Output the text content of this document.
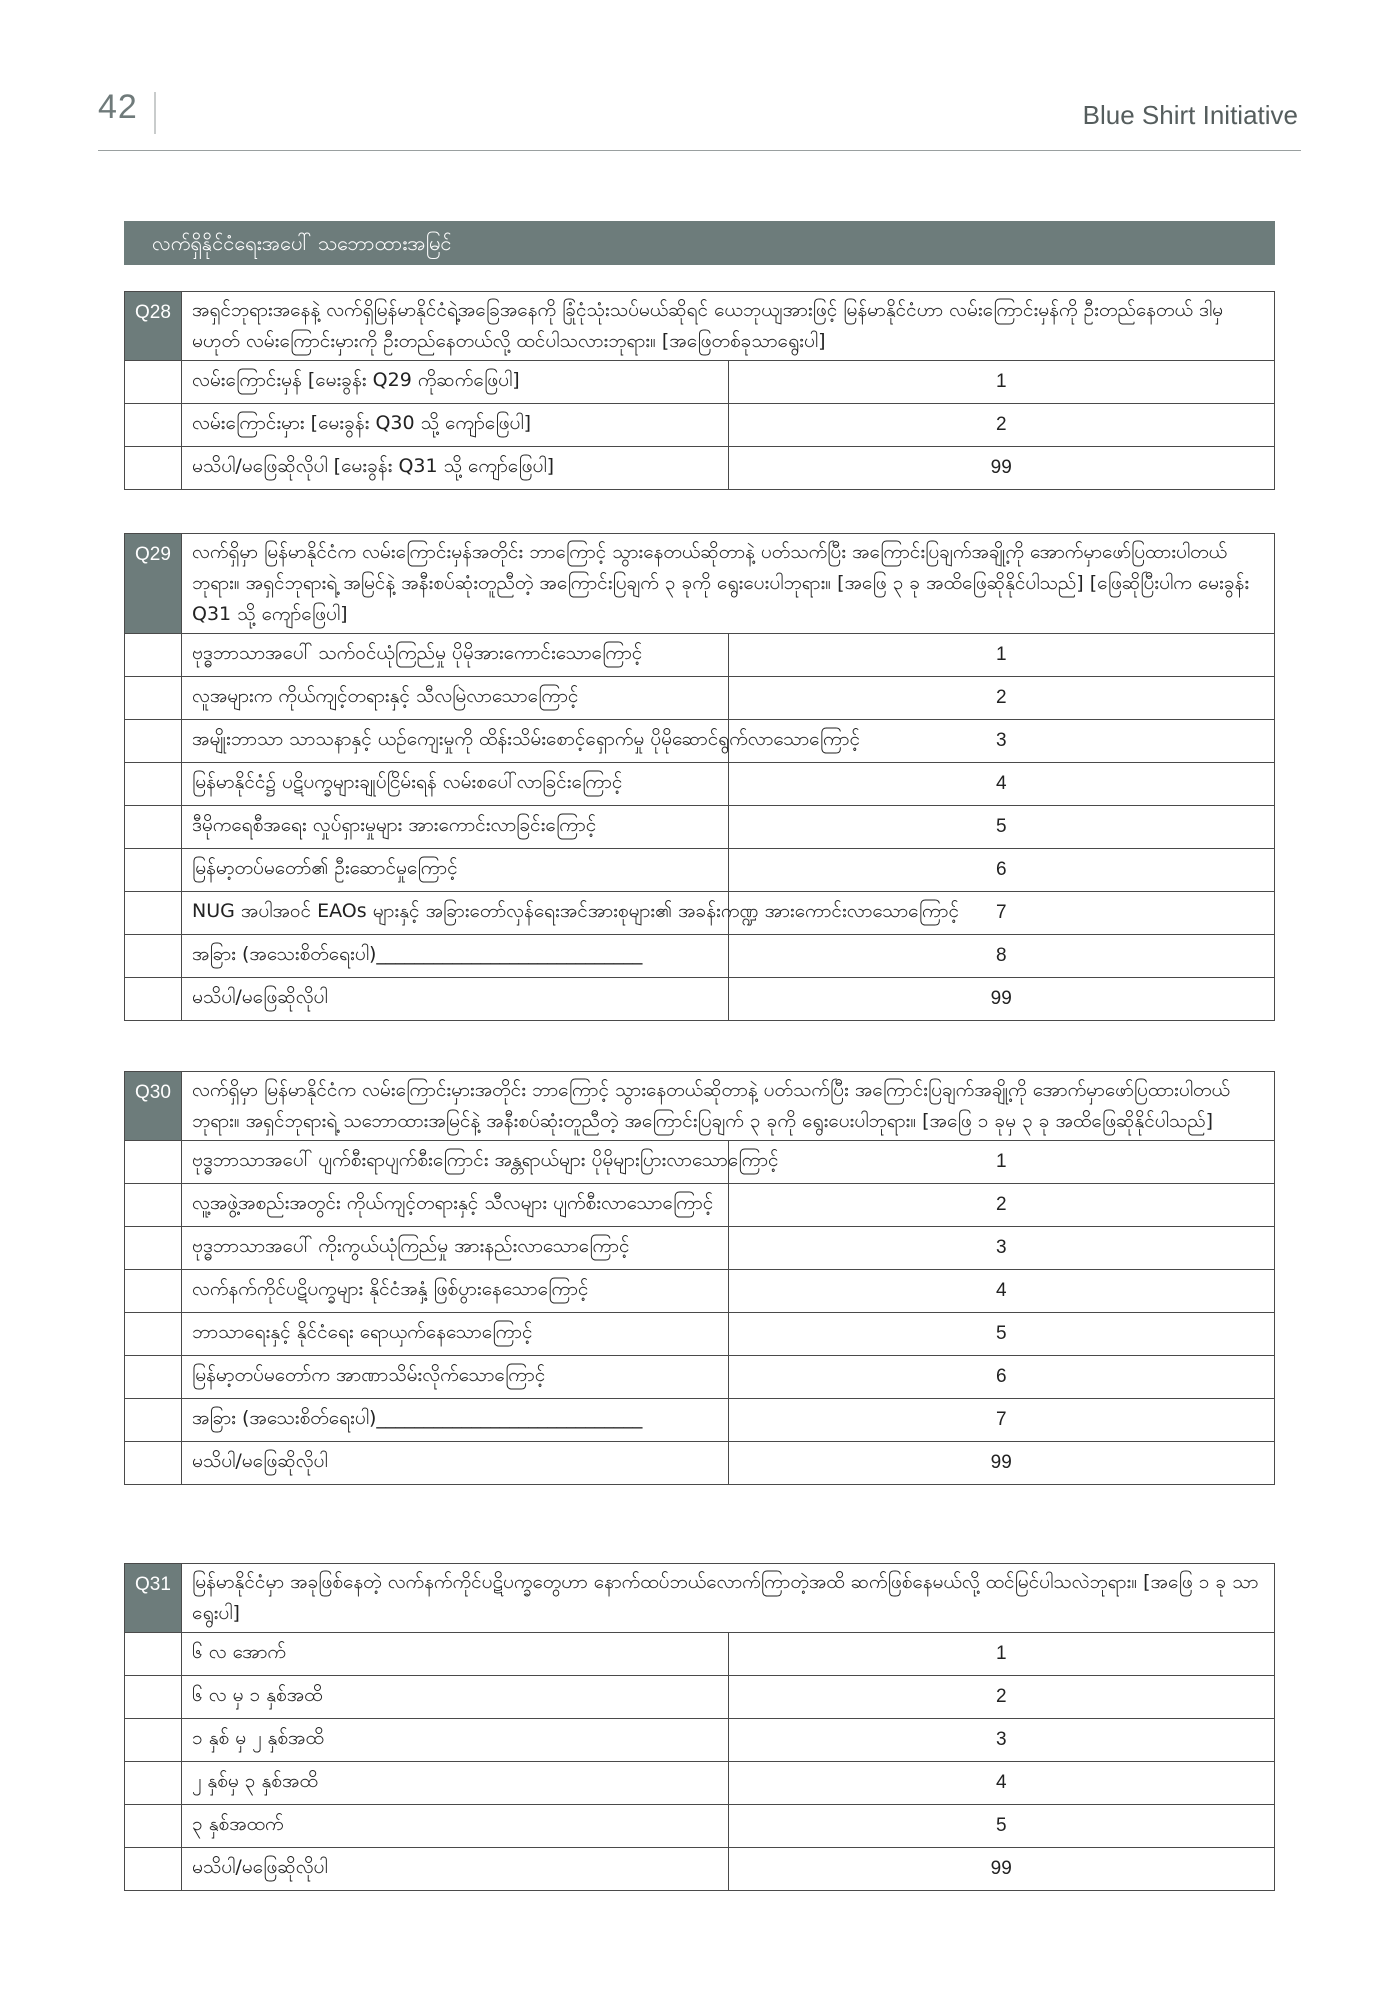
42	Blue Shirt Initiative
လက်ရှိနိုင်ငံရေးအပေါ် သဘောထားအမြင်
Q28	အရှင်ဘုရားအနေနဲ့ လက်ရှိမြန်မာနိုင်ငံရဲ့အခြေအနေကို ခြုံငုံသုံးသပ်မယ်ဆိုရင် ယေဘုယျအားဖြင့် မြန်မာနိုင်ငံဟာ လမ်းကြောင်းမှန်ကို ဦးတည်နေတယ် ဒါမှမဟုတ် လမ်းကြောင်းမှားကို ဦးတည်နေတယ်လို့ ထင်ပါသလားဘုရား။ [အဖြေတစ်ခုသာရွေးပါ]	
	လမ်းကြောင်းမှန် [မေးခွန်း Q29 ကိုဆက်ဖြေပါ]	1
	လမ်းကြောင်းမှား [မေးခွန်း Q30 သို့ ကျော်ဖြေပါ]	2
	မသိပါ/မဖြေဆိုလိုပါ [မေးခွန်း Q31 သို့ ကျော်ဖြေပါ]	99
Q29	လက်ရှိမှာ မြန်မာနိုင်ငံက လမ်းကြောင်းမှန်အတိုင်း ဘာကြောင့် သွားနေတယ်ဆိုတာနဲ့ ပတ်သက်ပြီး အကြောင်းပြချက်အချို့ကို အောက်မှာဖော်ပြထားပါတယ်ဘုရား။ အရှင်ဘုရားရဲ့ အမြင်နဲ့ အနီးစပ်ဆုံးတူညီတဲ့ အကြောင်းပြချက် ၃ ခုကို ရွေးပေးပါဘုရား။ [အဖြေ ၃ ခု အထိဖြေဆိုနိုင်ပါသည်] [ဖြေဆိုပြီးပါက မေးခွန်း Q31 သို့ ကျော်ဖြေပါ]	
	ဗုဒ္ဓဘာသာအပေါ် သက်ဝင်ယုံကြည်မှု ပိုမိုအားကောင်းသောကြောင့်	1
	လူအများက ကိုယ်ကျင့်တရားနှင့် သီလမြဲလာသောကြောင့်	2
	အမျိုးဘာသာ သာသနာနှင့် ယဉ်ကျေးမှုကို ထိန်းသိမ်းစောင့်ရှောက်မှု ပိုမိုဆောင်ရွက်လာသောကြောင့်	3
	မြန်မာနိုင်ငံ၌ ပဋိပက္ခများချုပ်ငြိမ်းရန် လမ်းစပေါ်လာခြင်းကြောင့်	4
	ဒီမိုကရေစီအရေး လှုပ်ရှားမှုများ အားကောင်းလာခြင်းကြောင့်	5
	မြန်မာ့တပ်မတော်၏ ဦးဆောင်မှုကြောင့်	6
	NUG အပါအဝင် EAOs များနှင့် အခြားတော်လှန်ရေးအင်အားစုများ၏ အခန်းကဏ္ဍ အားကောင်းလာသောကြောင့်	7
	အခြား (အသေးစိတ်ရေးပါ)____________________________	8
	မသိပါ/မဖြေဆိုလိုပါ	99
Q30	လက်ရှိမှာ မြန်မာနိုင်ငံက လမ်းကြောင်းမှားအတိုင်း ဘာကြောင့် သွားနေတယ်ဆိုတာနဲ့ ပတ်သက်ပြီး အကြောင်းပြချက်အချို့ကို အောက်မှာဖော်ပြထားပါတယ်ဘုရား။ အရှင်ဘုရားရဲ့ သဘောထားအမြင်နဲ့ အနီးစပ်ဆုံးတူညီတဲ့ အကြောင်းပြချက် ၃ ခုကို ရွေးပေးပါဘုရား။ [အဖြေ ၁ ခုမှ ၃ ခု အထိဖြေဆိုနိုင်ပါသည်]	
	ဗုဒ္ဓဘာသာအပေါ် ပျက်စီးရာပျက်စီးကြောင်း အန္တရာယ်များ ပိုမိုများပြားလာသောကြောင့်	1
	လူ့အဖွဲ့အစည်းအတွင်း ကိုယ်ကျင့်တရားနှင့် သီလများ ပျက်စီးလာသောကြောင့်	2
	ဗုဒ္ဓဘာသာအပေါ် ကိုးကွယ်ယုံကြည်မှု အားနည်းလာသောကြောင့်	3
	လက်နက်ကိုင်ပဋိပက္ခများ နိုင်ငံအနှံ့ ဖြစ်ပွားနေသောကြောင့်	4
	ဘာသာရေးနှင့် နိုင်ငံရေး ရောယှက်နေသောကြောင့်	5
	မြန်မာ့တပ်မတော်က အာဏာသိမ်းလိုက်သောကြောင့်	6
	အခြား (အသေးစိတ်ရေးပါ)____________________________	7
	မသိပါ/မဖြေဆိုလိုပါ	99
Q31	မြန်မာနိုင်ငံမှာ အခုဖြစ်နေတဲ့ လက်နက်ကိုင်ပဋိပက္ခတွေဟာ နောက်ထပ်ဘယ်လောက်ကြာတဲ့အထိ ဆက်ဖြစ်နေမယ်လို့ ထင်မြင်ပါသလဲဘုရား။ [အဖြေ ၁ ခု သာရွေးပါ]	
	၆ လ အောက်	1
	၆ လ မှ ၁ နှစ်အထိ	2
	၁ နှစ် မှ ၂ နှစ်အထိ	3
	၂ နှစ်မှ ၃ နှစ်အထိ	4
	၃ နှစ်အထက်	5
	မသိပါ/မဖြေဆိုလိုပါ	99
